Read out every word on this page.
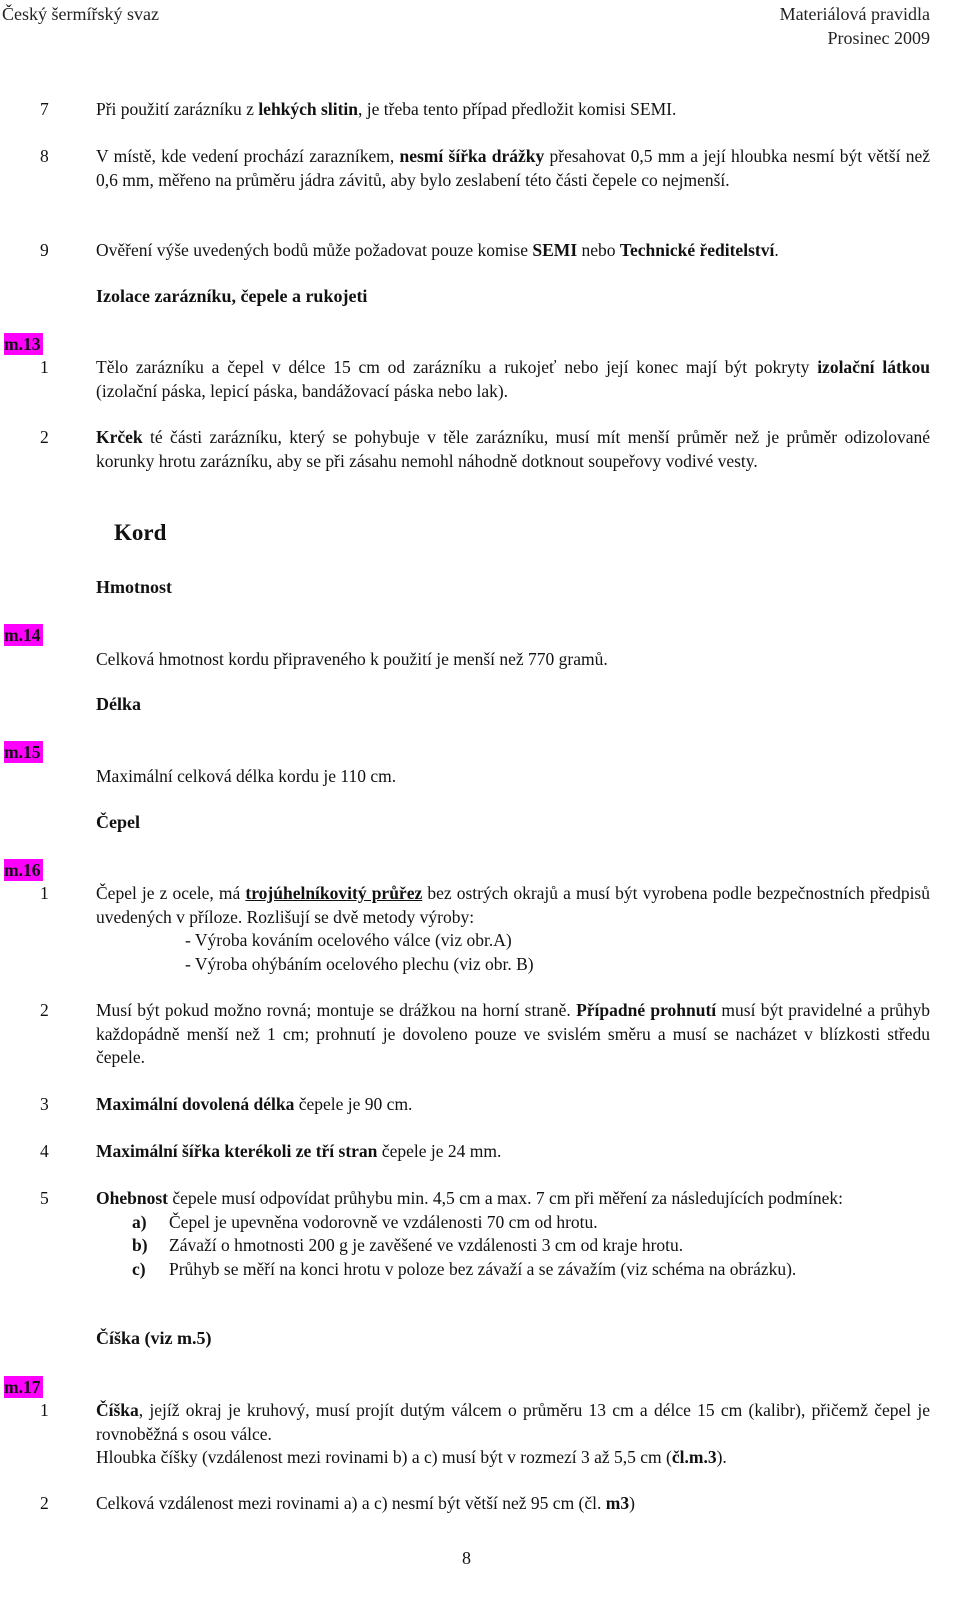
Český šermířský svaz	Materiálová pravidla
Prosinec 2009
7	Při použití zarázníku z lehkých slitin, je třeba tento případ předložit komisi SEMI.
8	V místě, kde vedení prochází zarazníkem, nesmí šířka drážky přesahovat 0,5 mm a její hloubka nesmí být větší než 0,6 mm, měřeno na průměru jádra závitů, aby bylo zeslabení této části čepele co nejmenší.
9	Ověření výše uvedených bodů může požadovat pouze komise SEMI nebo Technické ředitelství.
Izolace zarázníku, čepele a rukojeti
m.13
1	Tělo zarázníku a čepel v délce 15 cm od zarázníku a rukojeť nebo její konec mají být pokryty izolační látkou (izolační páska, lepicí páska, bandážovací páska nebo lak).
2	Krček té části zarázníku, který se pohybuje v těle zarázníku, musí mít menší průměr než je průměr odizolované korunky hrotu zarázníku, aby se při zásahu nemohl náhodně dotknout soupeřovy vodivé vesty.
Kord
Hmotnost
m.14
Celková hmotnost kordu připraveného k použití je menší než 770 gramů.
Délka
m.15
Maximální celková délka kordu je 110 cm.
Čepel
m.16
1	Čepel je z ocele, má trojúhelníkovitý průřez bez ostrých okrajů a musí být vyrobena podle bezpečnostních předpisů uvedených v příloze. Rozlišují se dvě metody výroby:
- Výroba kováním ocelového válce (viz obr.A)
- Výroba ohýbáním ocelového plechu (viz obr. B)
2	Musí být pokud možno rovná; montuje se drážkou na horní straně. Případné prohnutí musí být pravidelné a průhyb každopádně menší než 1 cm; prohnutí je dovoleno pouze ve svislém směru a musí se nacházet v blízkosti středu čepele.
3	Maximální dovolená délka čepele je 90 cm.
4	Maximální šířka kterékoli ze tří stran čepele je 24 mm.
5	Ohebnost čepele musí odpovídat průhybu min. 4,5 cm a max. 7 cm při měření za následujících podmínek:
a) Čepel je upevněna vodorovně ve vzdálenosti 70 cm od hrotu.
b) Závaží o hmotnosti 200 g je zavěšené ve vzdálenosti 3 cm od kraje hrotu.
c) Průhyb se měří na konci hrotu v poloze bez závaží a se závažím (viz schéma na obrázku).
Číška (viz m.5)
m.17
1	Číška, jejíž okraj je kruhový, musí projít dutým válcem o průměru 13 cm a délce 15 cm (kalibr), přičemž čepel je rovnoběžná s osou válce.
Hloubka číšky (vzdálenost mezi rovinami b) a c) musí být v rozmezí 3 až 5,5 cm (čl.m.3).
2	Celková vzdálenost mezi rovinami a) a c) nesmí být větší než 95 cm (čl. m3)
8
